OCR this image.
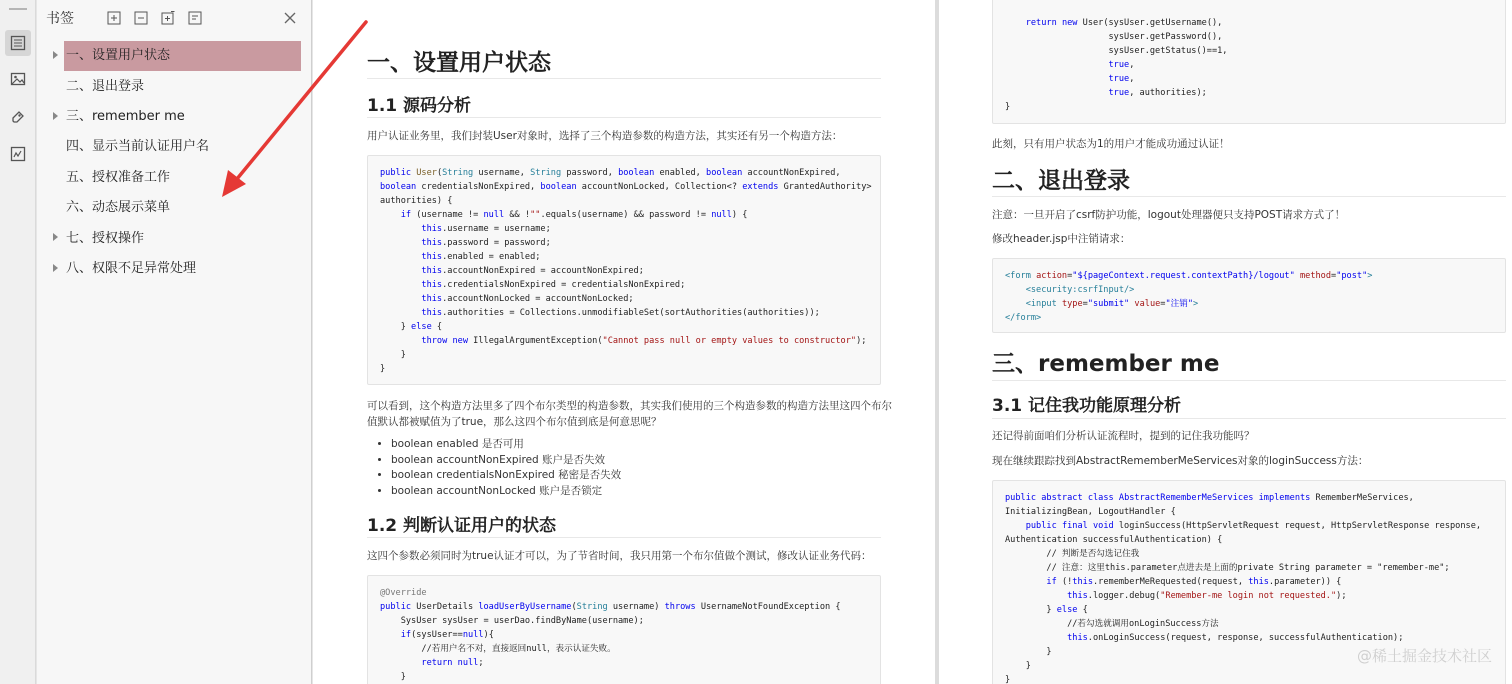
书签
一、设置用户状态
二、退出登录
三、remember me
四、显示当前认证用户名
五、授权准备工作
六、动态展示菜单
七、授权操作
八、权限不足异常处理
一、设置用户状态
1.1 源码分析
用户认证业务里，我们封装User对象时，选择了三个构造参数的构造方法，其实还有另一个构造方法：
public User(String username, String password, boolean enabled, boolean accountNonExpired,
boolean credentialsNonExpired, boolean accountNonLocked, Collection<? extends GrantedAuthority>
authorities) {
if (username != null && !"".equals(username) && password != null) {
this.username = username;
this.password = password;
this.enabled = enabled;
this.accountNonExpired = accountNonExpired;
this.credentialsNonExpired = credentialsNonExpired;
this.accountNonLocked = accountNonLocked;
this.authorities = Collections.unmodifiableSet(sortAuthorities(authorities));
} else {
throw new IllegalArgumentException("Cannot pass null or empty values to constructor");
}
}
可以看到，这个构造方法里多了四个布尔类型的构造参数，其实我们使用的三个构造参数的构造方法里这四个布尔
值默认都被赋值为了true，那么这四个布尔值到底是何意思呢？
• boolean enabled 是否可用
• boolean accountNonExpired 账户是否失效
• boolean credentialsNonExpired 秘密是否失效
• boolean accountNonLocked 账户是否锁定
1.2 判断认证用户的状态
这四个参数必须同时为true认证才可以，为了节省时间，我只用第一个布尔值做个测试，修改认证业务代码：
@Override
public UserDetails loadUserByUsername(String username) throws UsernameNotFoundException {
SysUser sysUser = userDao.findByName(username);
if(sysUser==null){
//若用户名不对，直接返回null，表示认证失败。
return null;
}
return new User(sysUser.getUsername(),
sysUser.getPassword(),
sysUser.getStatus()==1,
true,
true,
true, authorities);
}
此刻，只有用户状态为1的用户才能成功通过认证！
二、退出登录
注意：一旦开启了csrf防护功能，logout处理器便只支持POST请求方式了！
修改header.jsp中注销请求：
<form action="${pageContext.request.contextPath}/logout" method="post">
<security:csrfInput/>
<input type="submit" value="注销">
</form>
三、remember me
3.1 记住我功能原理分析
还记得前面咱们分析认证流程时，提到的记住我功能吗？
现在继续跟踪找到AbstractRememberMeServices对象的loginSuccess方法：
public abstract class AbstractRememberMeServices implements RememberMeServices,
InitializingBean, LogoutHandler {
public final void loginSuccess(HttpServletRequest request, HttpServletResponse response,
Authentication successfulAuthentication) {
// 判断是否勾选记住我
// 注意：这里this.parameter点进去是上面的private String parameter = "remember-me";
if (!this.rememberMeRequested(request, this.parameter)) {
this.logger.debug("Remember-me login not requested.");
} else {
//若勾选就调用onLoginSuccess方法
this.onLoginSuccess(request, response, successfulAuthentication);
}
}
}
@稀土掘金技术社区
